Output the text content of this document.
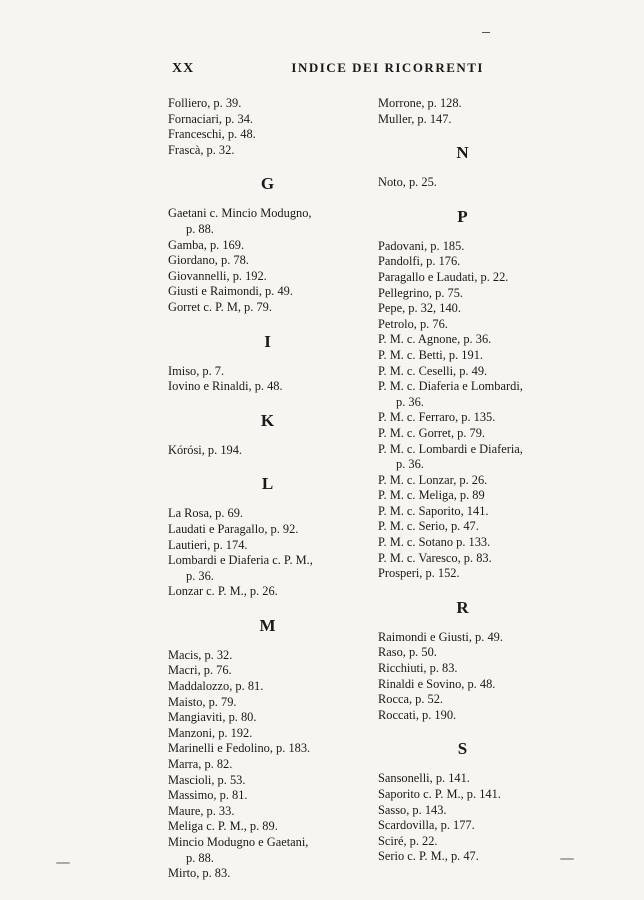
XX	INDICE DEI RICORRENTI
Folliero, p. 39.
Fornaciari, p. 34.
Franceschi, p. 48.
Frascà, p. 32.
G
Gaetani c. Mincio Modugno,
p. 88.
Gamba, p. 169.
Giordano, p. 78.
Giovannelli, p. 192.
Giusti e Raimondi, p. 49.
Gorret c. P. M, p. 79.
I
Imiso, p. 7.
Iovino e Rinaldi, p. 48.
K
Kórósi, p. 194.
L
La Rosa, p. 69.
Laudati e Paragallo, p. 92.
Lautieri, p. 174.
Lombardi e Diaferia c. P. M.,
p. 36.
Lonzar c. P. M., p. 26.
M
Macis, p. 32.
Macri, p. 76.
Maddalozzo, p. 81.
Maisto, p. 79.
Mangiaviti, p. 80.
Manzoni, p. 192.
Marinelli e Fedolino, p. 183.
Marra, p. 82.
Mascioli, p. 53.
Massimo, p. 81.
Maure, p. 33.
Meliga c. P. M., p. 89.
Mincio Modugno e Gaetani,
p. 88.
Mirto, p. 83.
Morrone, p. 128.
Muller, p. 147.
N
Noto, p. 25.
P
Padovani, p. 185.
Pandolfi, p. 176.
Paragallo e Laudati, p. 22.
Pellegrino, p. 75.
Pepe, p. 32, 140.
Petrolo, p. 76.
P. M. c. Agnone, p. 36.
P. M. c. Betti, p. 191.
P. M. c. Ceselli, p. 49.
P. M. c. Diaferia e Lombardi,
p. 36.
P. M. c. Ferraro, p. 135.
P. M. c. Gorret, p. 79.
P. M. c. Lombardi e Diaferia,
p. 36.
P. M. c. Lonzar, p. 26.
P. M. c. Meliga, p. 89
P. M. c. Saporito, 141.
P. M. c. Serio, p. 47.
P. M. c. Sotano p. 133.
P. M. c. Varesco, p. 83.
Prosperi, p. 152.
R
Raimondi e Giusti, p. 49.
Raso, p. 50.
Ricchiuti, p. 83.
Rinaldi e Sovino, p. 48.
Rocca, p. 52.
Roccati, p. 190.
S
Sansonelli, p. 141.
Saporito c. P. M., p. 141.
Sasso, p. 143.
Scardovilla, p. 177.
Sciré, p. 22.
Serio c. P. M., p. 47.
